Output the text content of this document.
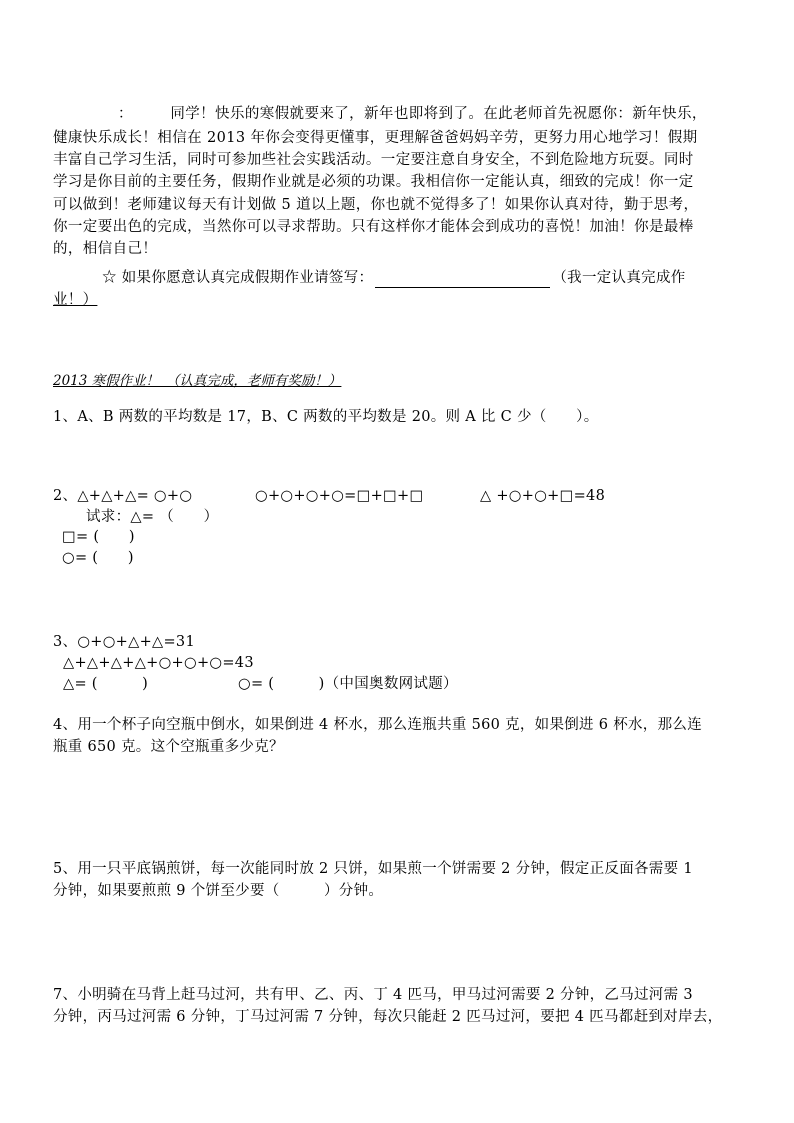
：　　　同学！快乐的寒假就要来了，新年也即将到了。在此老师首先祝愿你：新年快乐，
健康快乐成长！相信在 2013 年你会变得更懂事，更理解爸爸妈妈辛劳，更努力用心地学习！假期
丰富自己学习生活，同时可参加些社会实践活动。一定要注意自身安全，不到危险地方玩耍。同时
学习是你目前的主要任务，假期作业就是必须的功课。我相信你一定能认真，细致的完成！你一定
可以做到！老师建议每天有计划做 5 道以上题，你也就不觉得多了！如果你认真对待，勤于思考，
你一定要出色的完成，当然你可以寻求帮助。只有这样你才能体会到成功的喜悦！加油！你是最棒
的，相信自己！
☆ 如果你愿意认真完成假期作业请签写：	（我一定认真完成作
业！）
2013 寒假作业！　（认真完成，老师有奖励！）
1、A、B 两数的平均数是 17，B、C 两数的平均数是 20。则 A 比 C 少（　　）。
2、△+△+△= ○+○	○+○+○+○=□+□+□	△ +○+○+□=48
试求：△= （　　）
□= (　　)
○= (　　)
3、○+○+△+△=31
△+△+△+△+○+○+○=43
△= (　　　)	○= (　　　)（中国奥数网试题）
4、用一个杯子向空瓶中倒水，如果倒进 4 杯水，那么连瓶共重 560 克，如果倒进 6 杯水，那么连
瓶重 650 克。这个空瓶重多少克？
5、用一只平底锅煎饼，每一次能同时放 2 只饼，如果煎一个饼需要 2 分钟，假定正反面各需要 1
分钟，如果要煎煎 9 个饼至少要（　　　）分钟。
7、小明骑在马背上赶马过河，共有甲、乙、丙、丁 4 匹马，甲马过河需要 2 分钟，乙马过河需 3
分钟，丙马过河需 6 分钟，丁马过河需 7 分钟，每次只能赶 2 匹马过河，要把 4 匹马都赶到对岸去，
